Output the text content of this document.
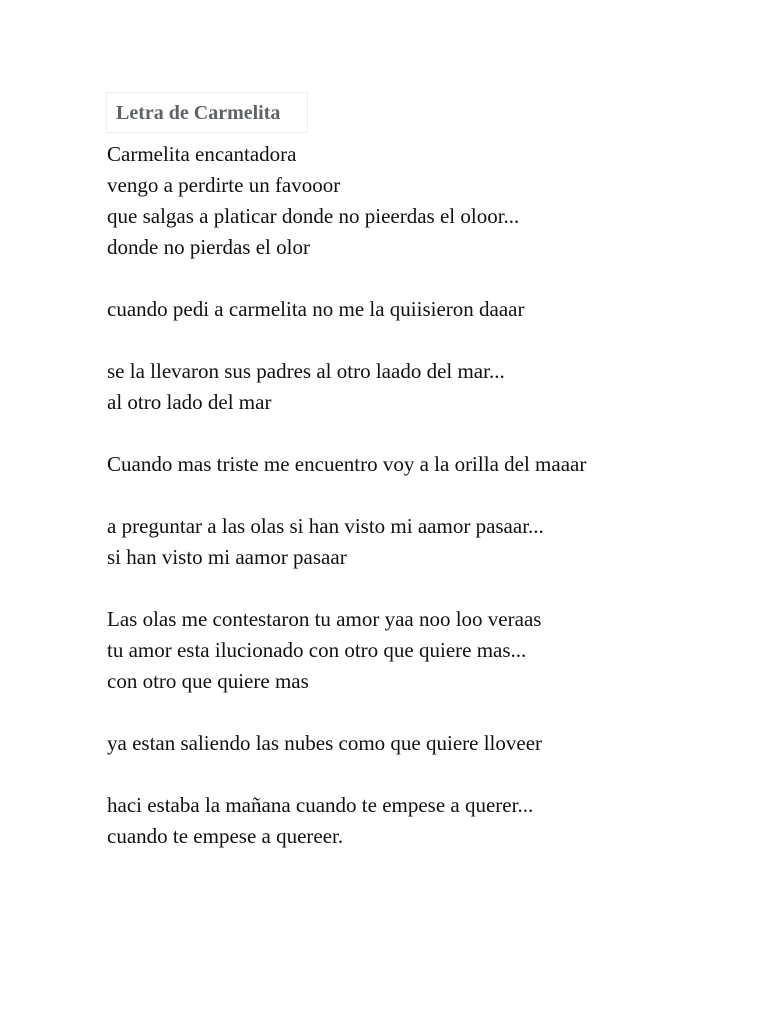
Letra de Carmelita
Carmelita encantadora
vengo a perdirte un favooor
que salgas a platicar donde no pieerdas el oloor...
donde no pierdas el olor
cuando pedi a carmelita no me la quiisieron daaar
se la llevaron sus padres al otro laado del mar...
al otro lado del mar
Cuando mas triste me encuentro voy a la orilla del maaar
a preguntar a las olas si han visto mi aamor pasaar...
si han visto mi aamor pasaar
Las olas me contestaron tu amor yaa noo loo veraas
tu amor esta ilucionado con otro que quiere mas...
con otro que quiere mas
ya estan saliendo las nubes como que quiere lloveer
haci estaba la mañana cuando te empese a querer...
cuando te empese a quereer.
